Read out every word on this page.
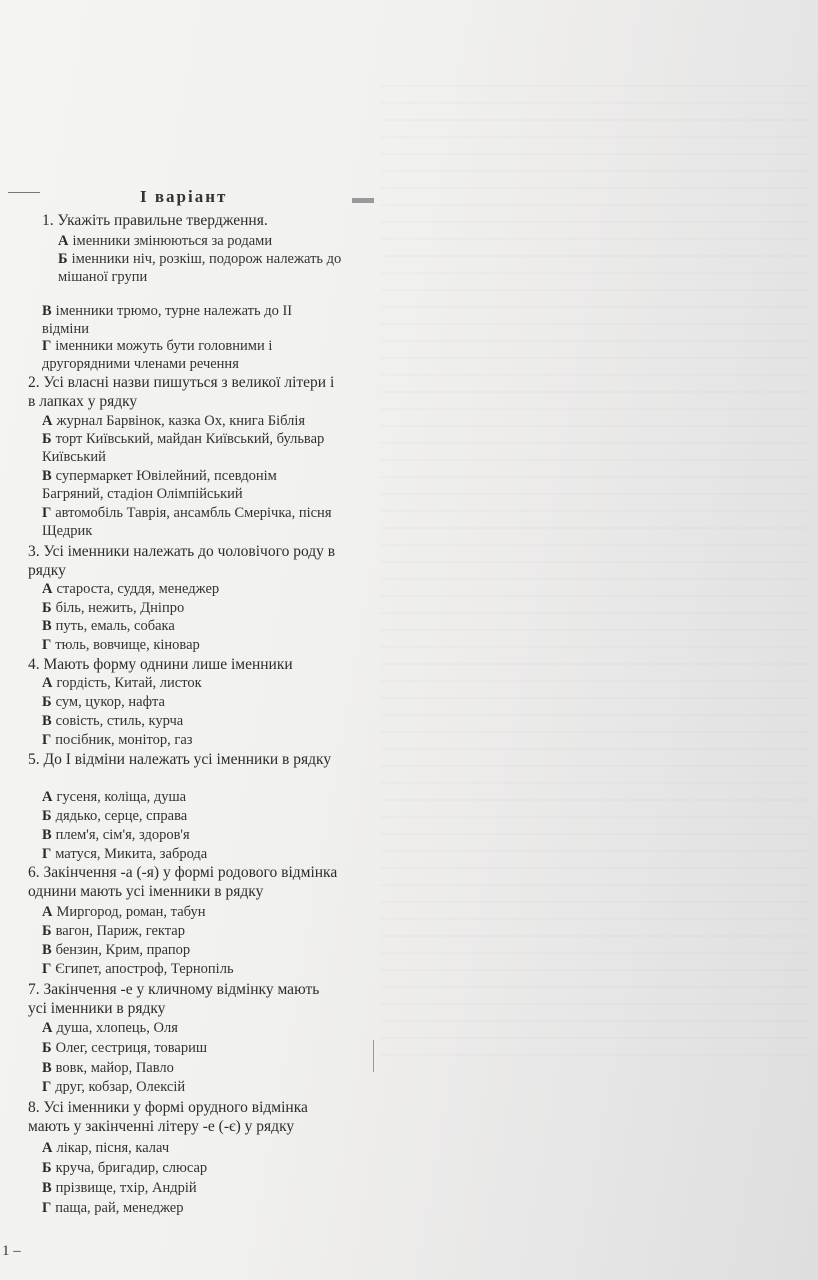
І варіант
1. Укажіть правильне твердження.
А іменники змінюються за родами
Б іменники ніч, розкіш, подорож належать до мішаної групи
В іменники трюмо, турне належать до ІІ відміни
Г іменники можуть бути головними і другорядними членами речення
2. Усі власні назви пишуться з великої літери і в лапках у рядку
А журнал Барвінок, казка Ох, книга Біблія
Б торт Київський, майдан Київський, бульвар Київський
В супермаркет Ювілейний, псевдонім Багряний, стадіон Олімпійський
Г автомобіль Таврія, ансамбль Смерічка, пісня Щедрик
3. Усі іменники належать до чоловічого роду в рядку
А староста, суддя, менеджер
Б біль, нежить, Дніпро
В путь, емаль, собака
Г тюль, вовчище, кіновар
4. Мають форму однини лише іменники
А гордість, Китай, листок
Б сум, цукор, нафта
В совість, стиль, курча
Г посібник, монітор, газ
5. До І відміни належать усі іменники в рядку
А гусеня, коліща, душа
Б дядько, серце, справа
В плем'я, сім'я, здоров'я
Г матуся, Микита, заброда
6. Закінчення -а (-я) у формі родового відмінка однини мають усі іменники в рядку
А Миргород, роман, табун
Б вагон, Париж, гектар
В бензин, Крим, прапор
Г Єгипет, апостроф, Тернопіль
7. Закінчення -е у кличному відмінку мають усі іменники в рядку
А душа, хлопець, Оля
Б Олег, сестриця, товариш
В вовк, майор, Павло
Г друг, кобзар, Олексій
8. Усі іменники у формі орудного відмінка мають у закінченні літеру -е (-є) у рядку
А лікар, пісня, калач
Б круча, бригадир, слюсар
В прізвище, тхір, Андрій
Г паща, рай, менеджер
1 –
